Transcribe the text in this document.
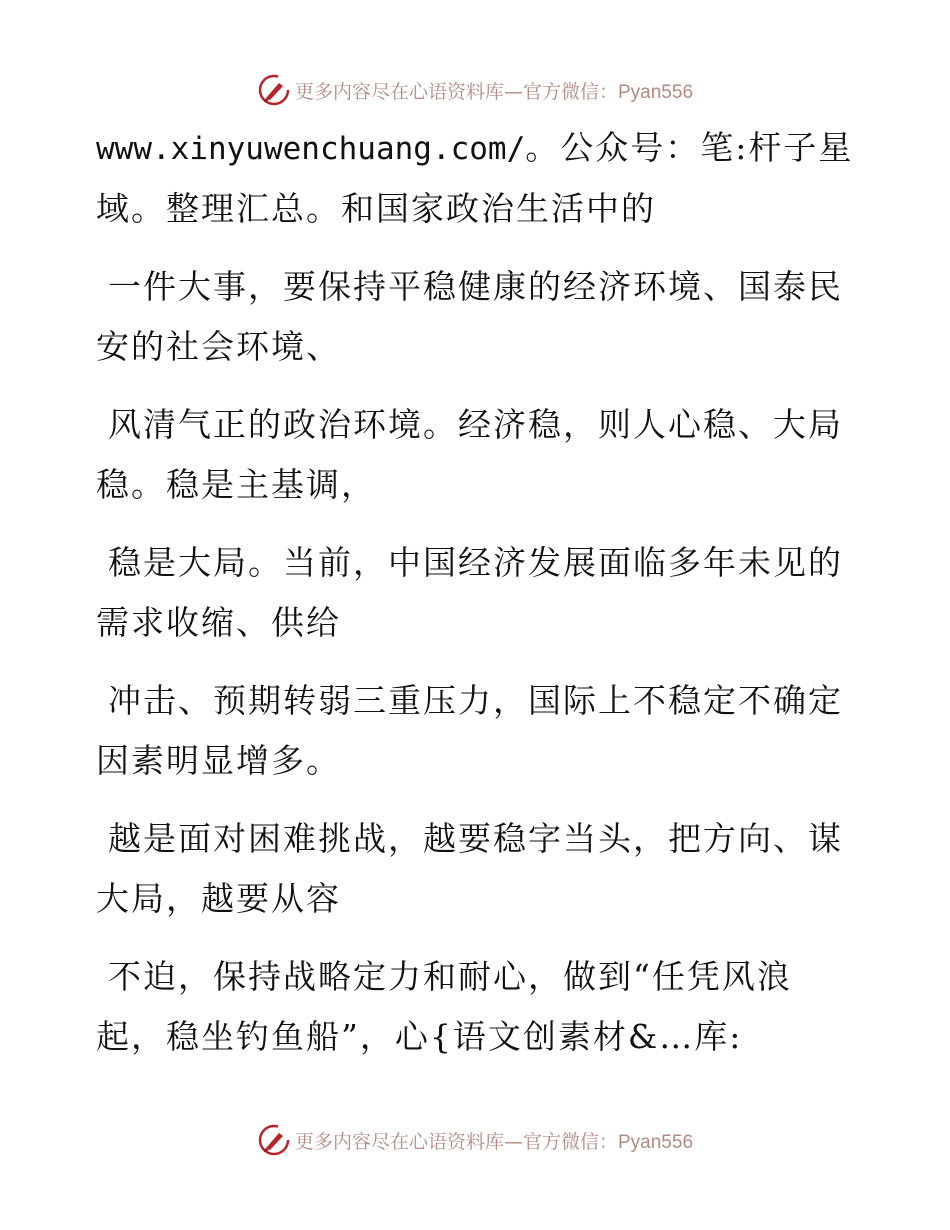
更多内容尽在心语资料库—官方微信：Pyan556

www.xinyuwenchuang.com/。公众号：笔:杆子星
域。整理汇总。和国家政治生活中的

一件大事，要保持平稳健康的经济环境、国泰民
安的社会环境、

风清气正的政治环境。经济稳，则人心稳、大局
稳。稳是主基调，

稳是大局。当前，中国经济发展面临多年未见的
需求收缩、供给

冲击、预期转弱三重压力，国际上不稳定不确定
因素明显增多。

越是面对困难挑战，越要稳字当头，把方向、谋
大局，越要从容

不迫，保持战略定力和耐心，做到“任凭风浪
起，稳坐钓鱼船”，心{语文创素材&…库:

更多内容尽在心语资料库—官方微信：Pyan556
